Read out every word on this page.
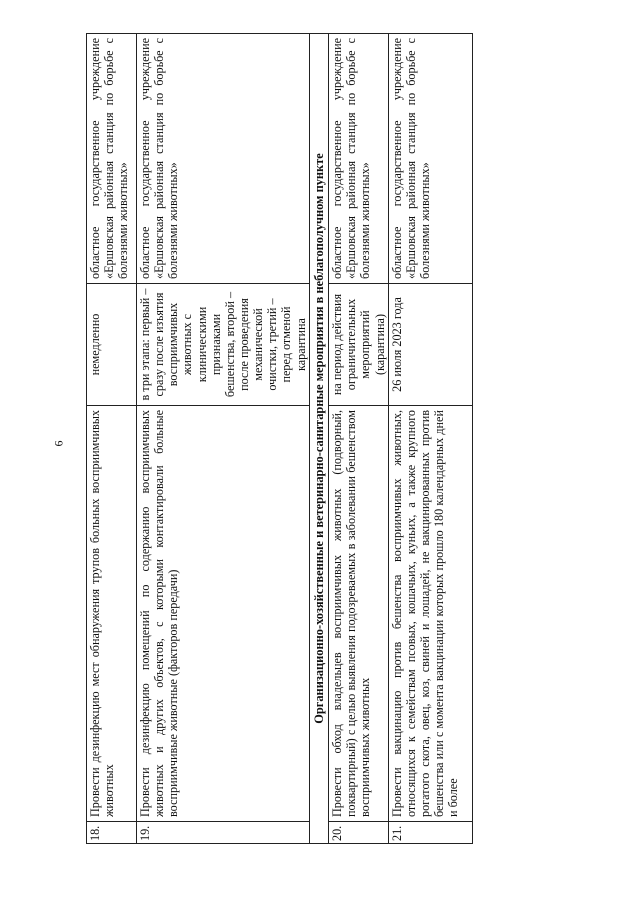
6
18.	Провести дезинфекцию мест обнаружения трупов больных восприимчивых животных	немедленно	областное государственное учреждение «Ершовская районная станция по борьбе с болезнями животных»
19.	Провести дезинфекцию помещений по содержанию восприимчивых животных и других объектов, с которыми контактировали больные восприимчивые животные (факторов передачи)	в три этапа: первый – сразу после изъятия восприимчивых животных с клиническими признаками бешенства, второй – после проведения механической очистки, третий – перед отменой карантина	областное государственное учреждение «Ершовская районная станция по борьбе с болезнями животных»
Организационно-хозяйственные и ветеринарно-санитарные мероприятия в неблагополучном пункте			
20.	Провести обход владельцев восприимчивых животных (подворный, поквартирный) с целью выявления подозреваемых в заболевании бешенством восприимчивых животных	на период действия ограничительных мероприятий (карантина)	областное государственное учреждение «Ершовская районная станция по борьбе с болезнями животных»
21.	Провести вакцинацию против бешенства восприимчивых животных, относящихся к семействам псовых, кошачьих, куньих, а также крупного рогатого скота, овец, коз, свиней и лошадей, не вакцинированных против бешенства или с момента вакцинации которых прошло 180 календарных дней и более	26 июля 2023 года	областное государственное учреждение «Ершовская районная станция по борьбе с болезнями животных»
